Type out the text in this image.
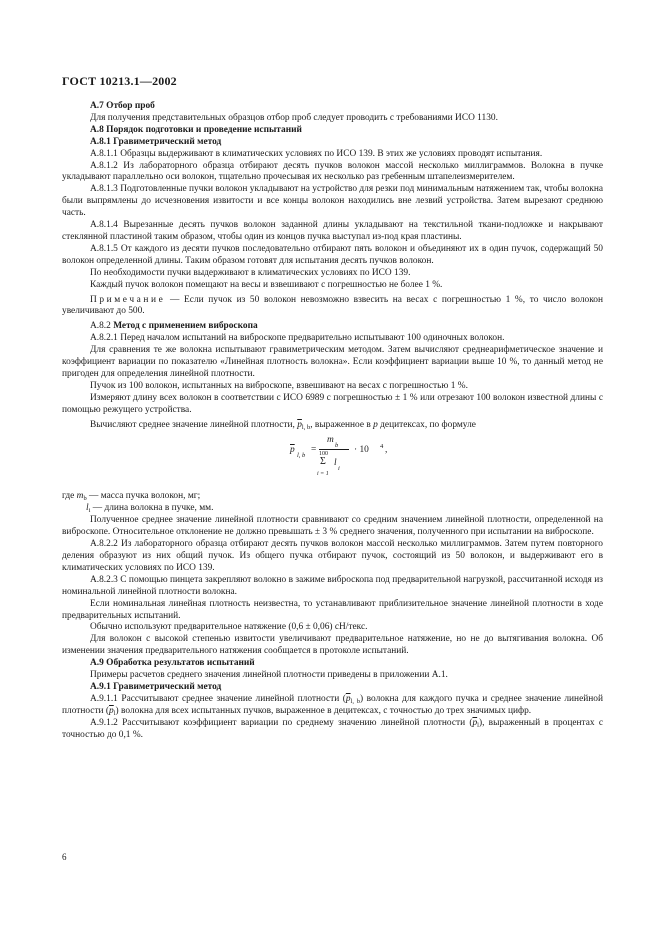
ГОСТ 10213.1—2002

А.7 Отбор проб

Для получения представительных образцов отбор проб следует проводить с требованиями ИСО 1130.

А.8 Порядок подготовки и проведение испытаний

А.8.1 Гравиметрический метод

А.8.1.1 Образцы выдерживают в климатических условиях по ИСО 139. В этих же условиях проводят испытания.

А.8.1.2 Из лабораторного образца отбирают десять пучков волокон массой несколько миллиграммов. Волокна в пучке укладывают параллельно оси волокон, тщательно прочесывая их несколько раз гребенным штапелеизмерителем.

А.8.1.3 Подготовленные пучки волокон укладывают на устройство для резки под минимальным натяжением так, чтобы волокна были выпрямлены до исчезновения извитости и все концы волокон находились вне лезвий устройства. Затем вырезают среднюю часть.

А.8.1.4 Вырезанные десять пучков волокон заданной длины укладывают на текстильной ткани-подложке и накрывают стеклянной пластиной таким образом, чтобы один из концов пучка выступал из-под края пластины.

А.8.1.5 От каждого из десяти пучков последовательно отбирают пять волокон и объединяют их в один пучок, содержащий 50 волокон определенной длины. Таким образом готовят для испытания десять пучков волокон.

По необходимости пучки выдерживают в климатических условиях по ИСО 139.

Каждый пучок волокон помещают на весы и взвешивают с погрешностью не более 1 %.

Примечание — Если пучок из 50 волокон невозможно взвесить на весах с погрешностью 1 %, то число волокон увеличивают до 500.

А.8.2 Метод с применением виброскопа

А.8.2.1 Перед началом испытаний на виброскопе предварительно испытывают 100 одиночных волокон.

Для сравнения те же волокна испытывают гравиметрическим методом. Затем вычисляют среднеарифметическое значение и коэффициент вариации по показателю «Линейная плотность волокна». Если коэффициент вариации выше 10 %, то данный метод не пригоден для определения линейной плотности.

Пучок из 100 волокон, испытанных на виброскопе, взвешивают на весах с погрешностью 1 %.

Измеряют длину всех волокон в соответствии с ИСО 6989 с погрешностью ± 1 % или отрезают 100 волокон известной длины с помощью режущего устройства.

Вычисляют среднее значение линейной плотности, $\overline{p}_{l, b}$, выраженное в p децитексах, по формуле

$\overline{p}$
l, b
=
m
b
100
Σ l
i
i = 1
· 10 4 ,

где $m_b$ — масса пучка волокон, мг;

$l_i$ — длина волокна в пучке, мм.

Полученное среднее значение линейной плотности сравнивают со средним значением линейной плотности, определенной на виброскопе. Относительное отклонение не должно превышать ± 3 % среднего значения, полученного при испытании на виброскопе.

А.8.2.2 Из лабораторного образца отбирают десять пучков волокон массой несколько миллиграммов. Затем путем повторного деления образуют из них общий пучок. Из общего пучка отбирают пучок, состоящий из 50 волокон, и выдерживают его в климатических условиях по ИСО 139.

А.8.2.3 С помощью пинцета закрепляют волокно в зажиме виброскопа под предварительной нагрузкой, рассчитанной исходя из номинальной линейной плотности волокна.

Если номинальная линейная плотность неизвестна, то устанавливают приблизительное значение линейной плотности в ходе предварительных испытаний.

Обычно используют предварительное натяжение (0,6 ± 0,06) сН/текс.

Для волокон с высокой степенью извитости увеличивают предварительное натяжение, но не до вытягивания волокна. Об изменении значения предварительного натяжения сообщается в протоколе испытаний.

А.9 Обработка результатов испытаний

Примеры расчетов среднего значения линейной плотности приведены в приложении А.1.

А.9.1 Гравиметрический метод

А.9.1.1 Рассчитывают среднее значение линейной плотности $(\overline{p}_{l, b})$ волокна для каждого пучка и среднее значение линейной плотности $(\overline{p}_l)$ волокна для всех испытанных пучков, выраженное в децитексах, с точностью до трех значимых цифр.

А.9.1.2 Рассчитывают коэффициент вариации по среднему значению линейной плотности $(\overline{p}_l)$, выраженный в процентах с точностью до 0,1 %.

6
